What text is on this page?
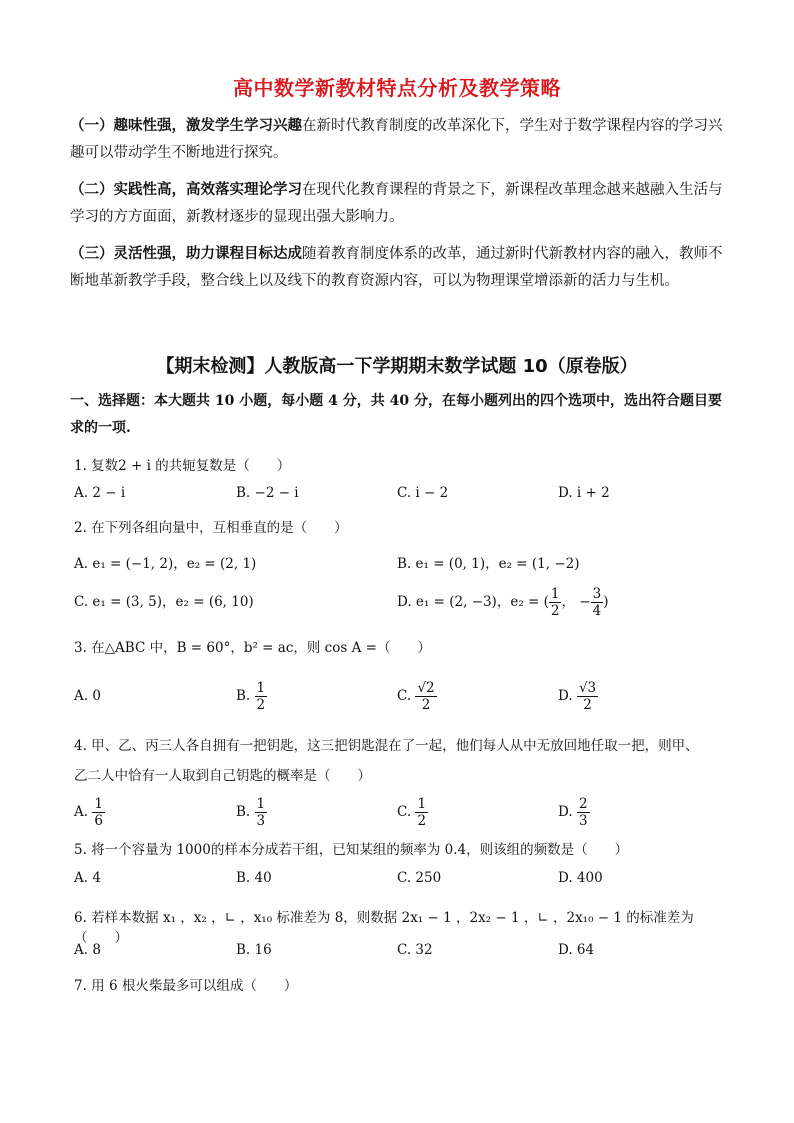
高中数学新教材特点分析及教学策略
（一）趣味性强，激发学生学习兴趣在新时代教育制度的改革深化下，学生对于数学课程内容的学习兴趣可以带动学生不断地进行探究。
（二）实践性高，高效落实理论学习在现代化教育课程的背景之下，新课程改革理念越来越融入生活与学习的方方面面，新教材逐步的显现出强大影响力。
（三）灵活性强，助力课程目标达成随着教育制度体系的改革，通过新时代新教材内容的融入，教师不断地革新教学手段，整合线上以及线下的教育资源内容，可以为物理课堂增添新的活力与生机。
【期末检测】人教版高一下学期期末数学试题 10（原卷版）
一、选择题：本大题共 10 小题，每小题 4 分，共 40 分，在每小题列出的四个选项中，选出符合题目要求的一项.
1. 复数2 + i 的共轭复数是（　　）
A. 2 − i	B. −2 − i	C. i − 2	D. i + 2
2. 在下列各组向量中，互相垂直的是（　　）
A. e₁ = (−1, 2)，e₂ = (2, 1)	B. e₁ = (0, 1)，e₂ = (1, −2)
C. e₁ = (3, 5)，e₂ = (6, 10)	D. e₁ = (2, −3)，e₂ = ( $\frac{1}{2}$ ， − $\frac{3}{4}$ )
3. 在△ABC 中，B = 60°，b² = ac，则 cos A =（　　）
A. 0	B. $\frac{1}{2}$	C. $\frac{√2}{2}$	D. $\frac{√3}{2}$
4. 甲、乙、丙三人各自拥有一把钥匙，这三把钥匙混在了一起，他们每人从中无放回地任取一把，则甲、
乙二人中恰有一人取到自己钥匙的概率是（　　）
A. $\frac{1}{6}$	B. $\frac{1}{3}$	C. $\frac{1}{2}$	D. $\frac{2}{3}$
5. 将一个容量为 1000的样本分成若干组，已知某组的频率为 0.4，则该组的频数是（　　）
A. 4	B. 40	C. 250	D. 400
6. 若样本数据 x₁ ，x₂ ，∟ ，x₁₀ 标准差为 8，则数据 2x₁ − 1 ，2x₂ − 1 ，∟ ，2x₁₀ − 1 的标准差为（　　）
A. 8	B. 16	C. 32	D. 64
7. 用 6 根火柴最多可以组成（　　）
